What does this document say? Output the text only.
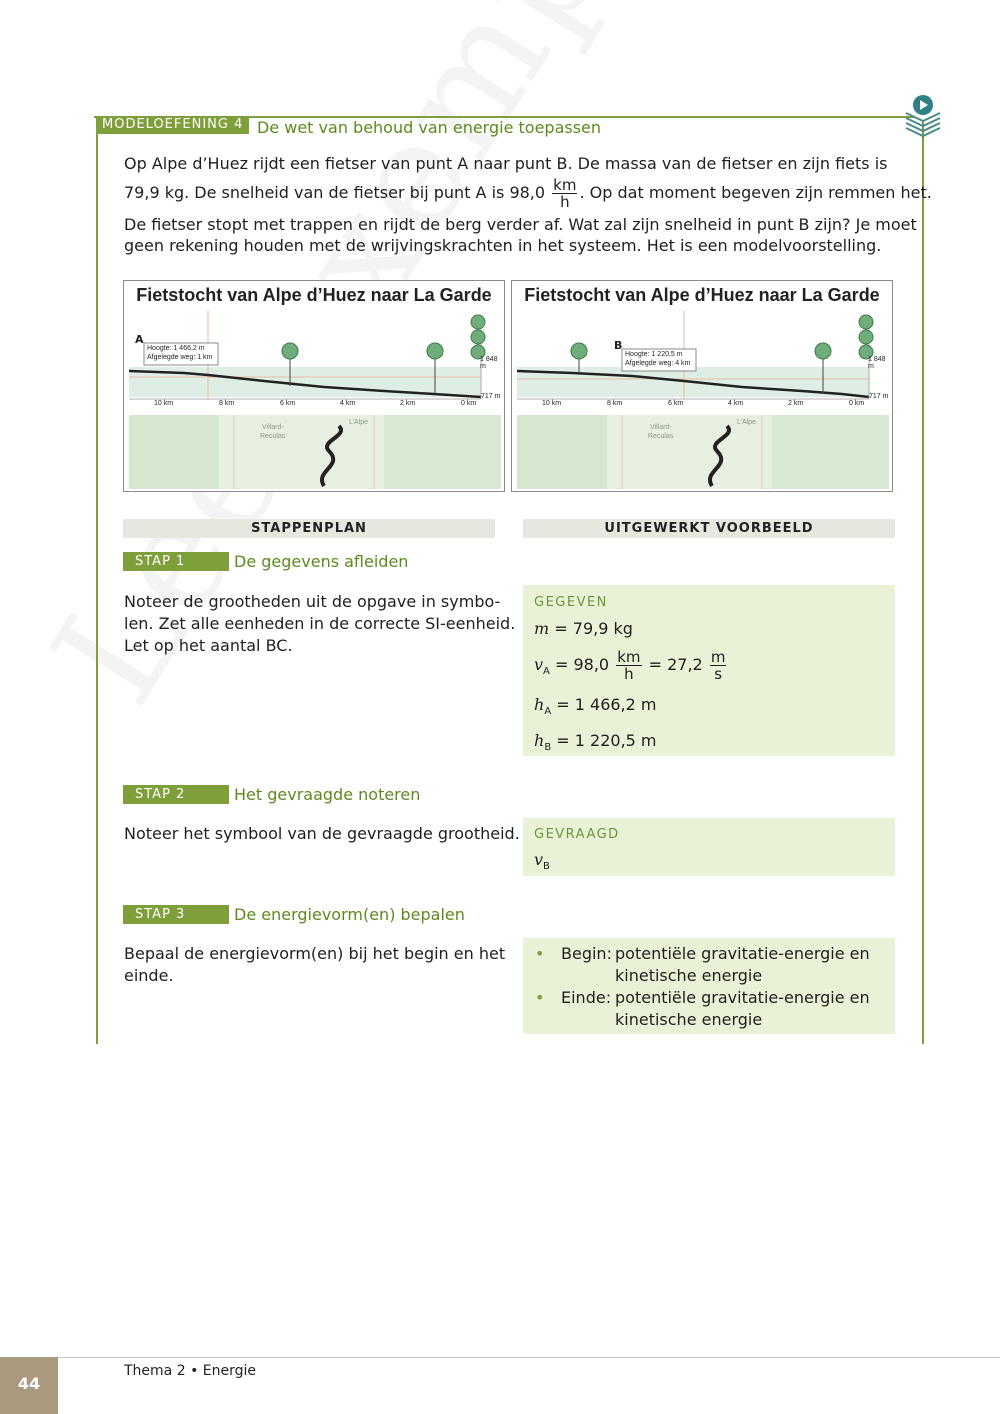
MODELOEFENING 4 De wet van behoud van energie toepassen
Op Alpe d’Huez rijdt een fietser van punt A naar punt B. De massa van de fietser en zijn fiets is
79,9 kg. De snelheid van de fietser bij punt A is $98,0 \frac{km}{h}$ . Op dat moment begeven zijn remmen het.
De fietser stopt met trappen en rijdt de berg verder af. Wat zal zijn snelheid in punt B zijn? Je moet
geen rekening houden met de wrijvingskrachten in het systeem. Het is een modelvoorstelling.
Fietstocht van Alpe d’Huez naar La Garde
A
Hoogte: 1 466,2 m
Afgelegde weg: 1 km	1 848 m
717 m
10 km	8 km	6 km	4 km	2 km	0 km
Villard-
Reculas
L’Alpe
Fietstocht van Alpe d’Huez naar La Garde
B
Hoogte: 1 220,5 m
Afgelegde weg: 4 km
1 848 m
717 m
10 km	8 km	6 km	4 km	2 km	0 km
Villard-
Reculas
L’Alpe
STAPPENPLAN	UITGEWERKT VOORBEELD
STAP 1	De gegevens afleiden
Noteer de grootheden uit de opgave in symbo-
len. Zet alle eenheden in de correcte SI-eenheid.
Let op het aantal BC.
GEGEVEN
m = 79,9 kg
$v_A = 98,0 \frac{km}{h} = 27,2 \frac{m}{s}$
$h_A = 1$ 466,2 m
$h_B = 1$ 220,5 m
STAP 2	Het gevraagde noteren
Noteer het symbool van de gevraagde grootheid. GEVRAAGD
$v_B$
STAP 3	De energievorm(en) bepalen
Bepaal de energievorm(en) bij het begin en het
einde.
• Begin: potentiële gravitatie-energie en
kinetische energie
• Einde: potentiële gravitatie-energie en
kinetische energie
44
Thema 2 • Energie
